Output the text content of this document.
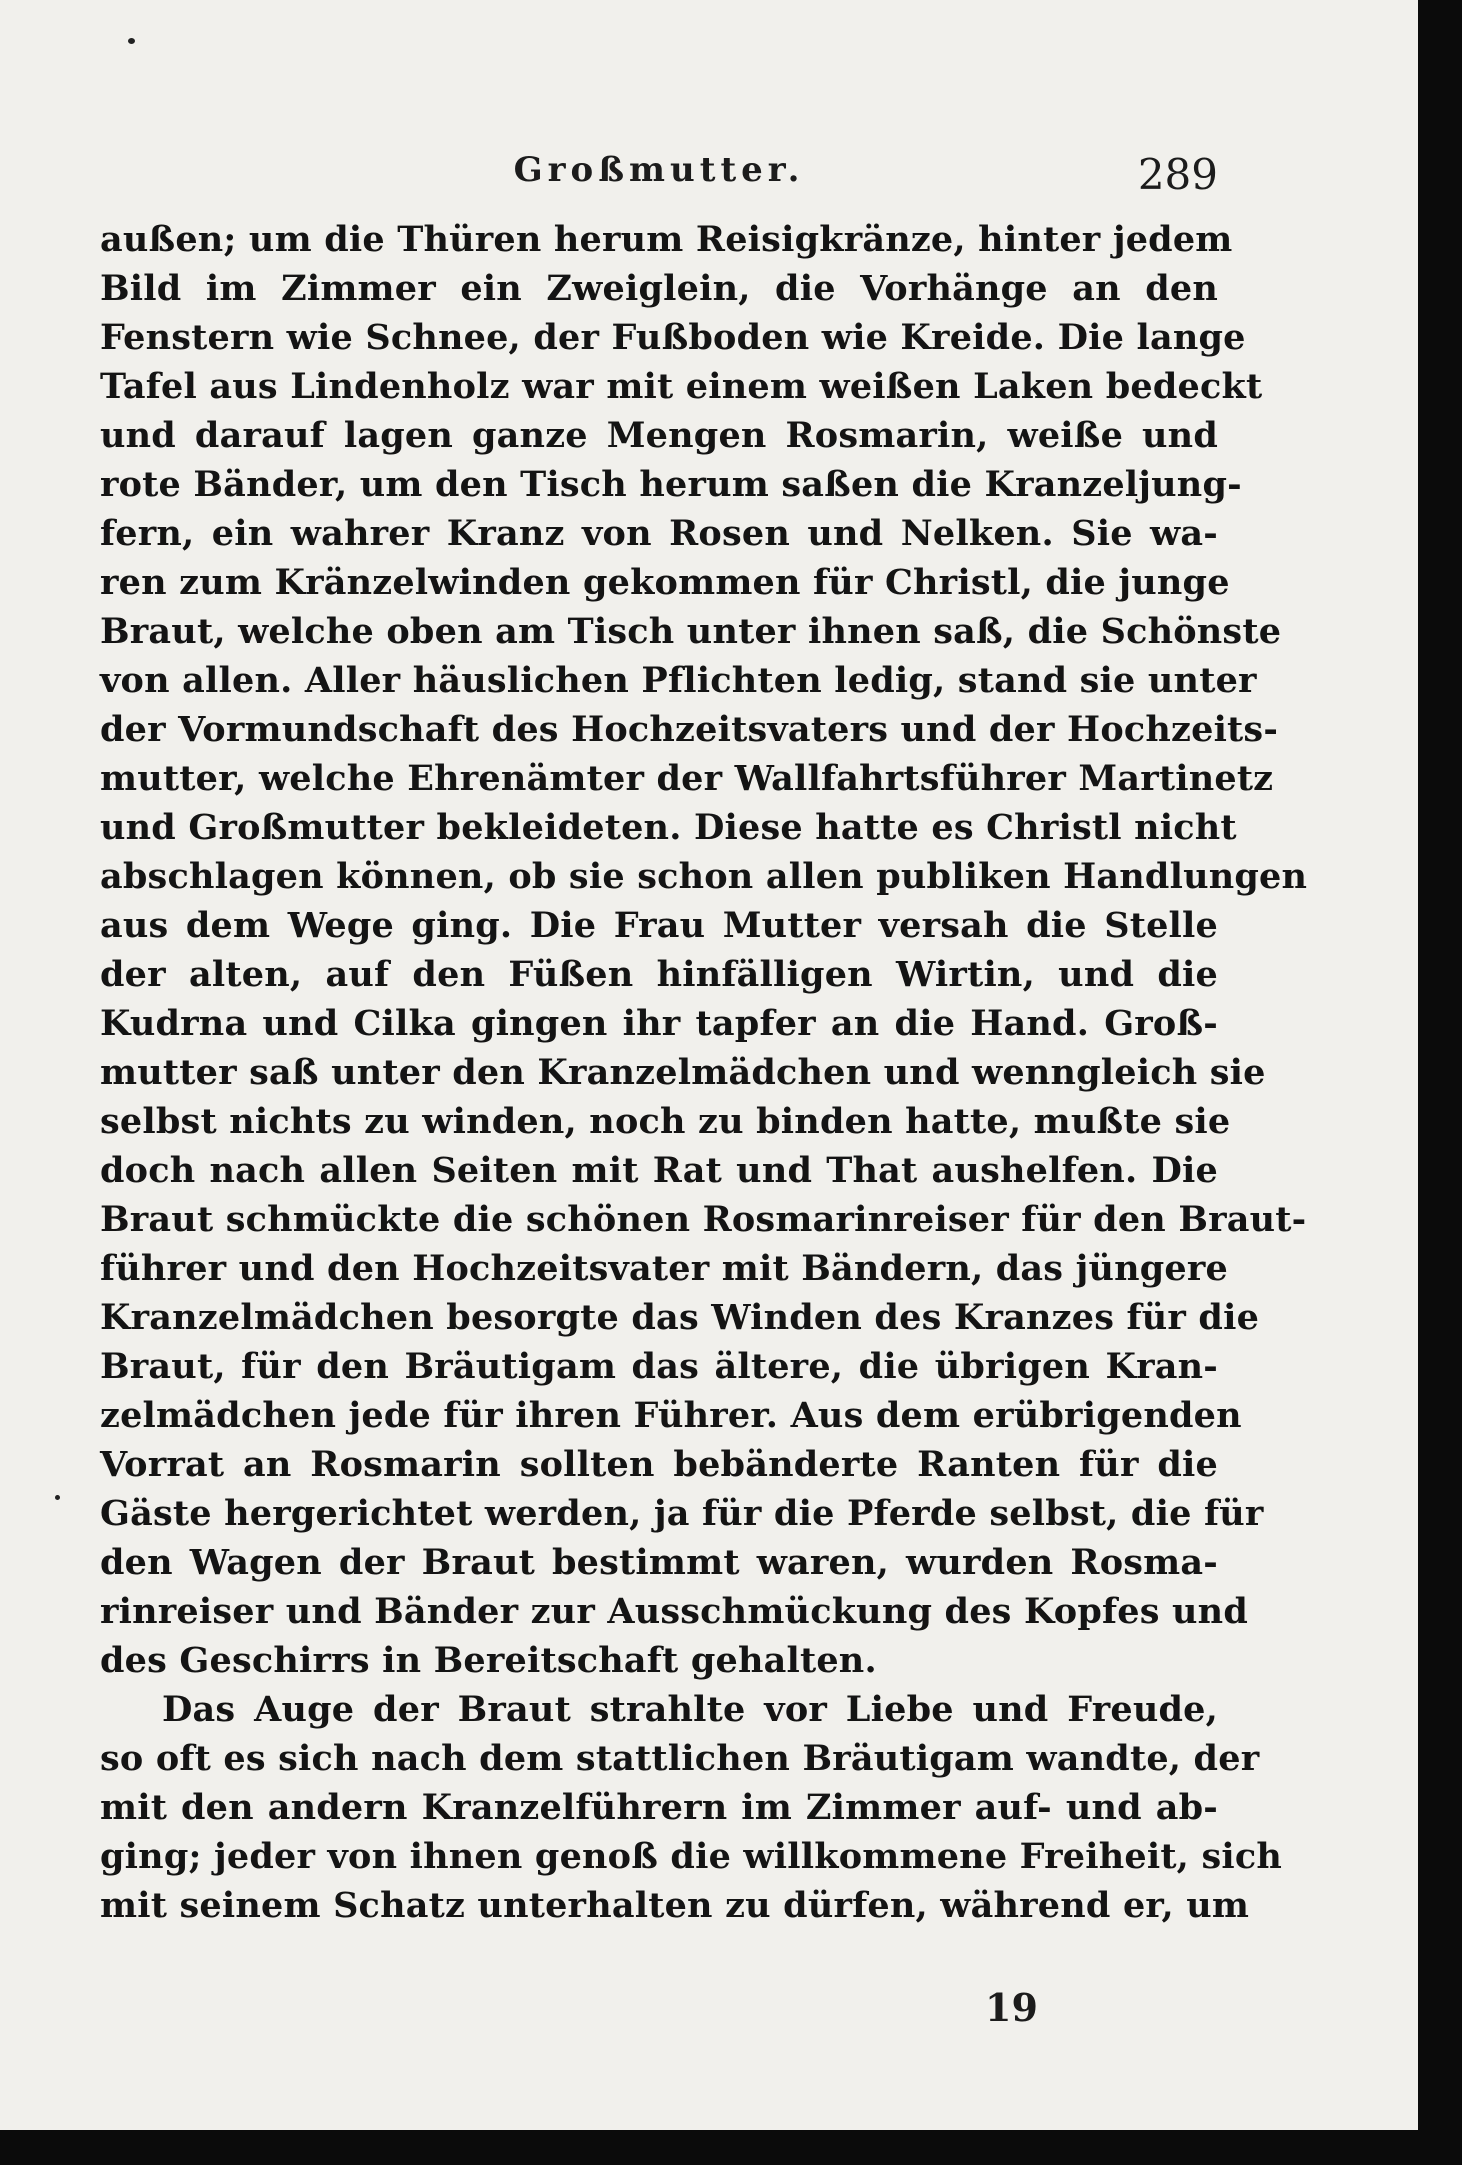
Großmutter.	289
außen; um die Thüren herum Reisigkränze, hinter jedem
Bild im Zimmer ein Zweiglein, die Vorhänge an den
Fenstern wie Schnee, der Fußboden wie Kreide. Die lange
Tafel aus Lindenholz war mit einem weißen Laken bedeckt
und darauf lagen ganze Mengen Rosmarin, weiße und
rote Bänder, um den Tisch herum saßen die Kranzeljung-
fern, ein wahrer Kranz von Rosen und Nelken. Sie wa-
ren zum Kränzelwinden gekommen für Christl, die junge
Braut, welche oben am Tisch unter ihnen saß, die Schönste
von allen. Aller häuslichen Pflichten ledig, stand sie unter
der Vormundschaft des Hochzeitsvaters und der Hochzeits-
mutter, welche Ehrenämter der Wallfahrtsführer Martinetz
und Großmutter bekleideten. Diese hatte es Christl nicht
abschlagen können, ob sie schon allen publiken Handlungen
aus dem Wege ging. Die Frau Mutter versah die Stelle
der alten, auf den Füßen hinfälligen Wirtin, und die
Kudrna und Cilka gingen ihr tapfer an die Hand. Groß-
mutter saß unter den Kranzelmädchen und wenngleich sie
selbst nichts zu winden, noch zu binden hatte, mußte sie
doch nach allen Seiten mit Rat und That aushelfen. Die
Braut schmückte die schönen Rosmarinreiser für den Braut-
führer und den Hochzeitsvater mit Bändern, das jüngere
Kranzelmädchen besorgte das Winden des Kranzes für die
Braut, für den Bräutigam das ältere, die übrigen Kran-
zelmädchen jede für ihren Führer. Aus dem erübrigenden
Vorrat an Rosmarin sollten bebänderte Ranten für die
Gäste hergerichtet werden, ja für die Pferde selbst, die für
den Wagen der Braut bestimmt waren, wurden Rosma-
rinreiser und Bänder zur Ausschmückung des Kopfes und
des Geschirrs in Bereitschaft gehalten.
Das Auge der Braut strahlte vor Liebe und Freude,
so oft es sich nach dem stattlichen Bräutigam wandte, der
mit den andern Kranzelführern im Zimmer auf- und ab-
ging; jeder von ihnen genoß die willkommene Freiheit, sich
mit seinem Schatz unterhalten zu dürfen, während er, um
19
